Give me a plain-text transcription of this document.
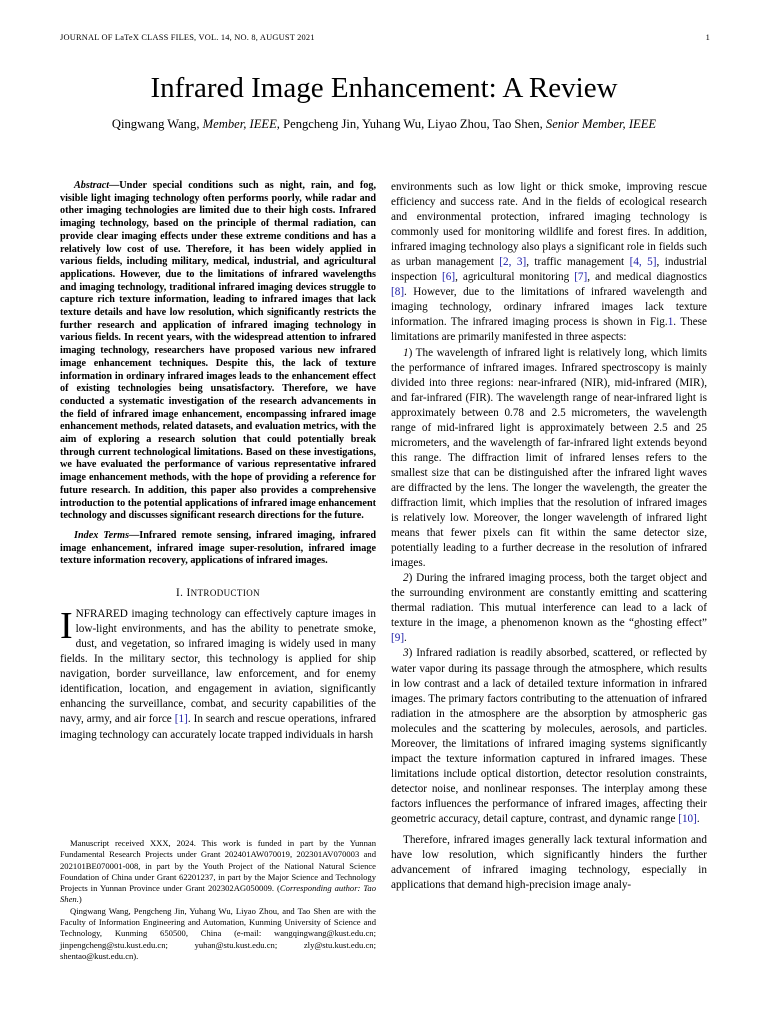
JOURNAL OF LaTeX CLASS FILES, VOL. 14, NO. 8, AUGUST 2021	1
Infrared Image Enhancement: A Review
Qingwang Wang, Member, IEEE, Pengcheng Jin, Yuhang Wu, Liyao Zhou, Tao Shen, Senior Member, IEEE

Abstract—Under special conditions such as night, rain, and fog, visible light imaging technology often performs poorly, while radar and other imaging technologies are limited due to their high costs. Infrared imaging technology, based on the principle of thermal radiation, can provide clear imaging effects under these extreme conditions and has a relatively low cost of use. Therefore, it has been widely applied in various fields, including military, medical, industrial, and agricultural applications. However, due to the limitations of infrared wavelengths and imaging technology, traditional infrared imaging devices struggle to capture rich texture information, leading to infrared images that lack texture details and have low resolution, which significantly restricts the further research and application of infrared imaging technology in various fields. In recent years, with the widespread attention to infrared imaging technology, researchers have proposed various new infrared image enhancement techniques. Despite this, the lack of texture information in ordinary infrared images leads to the enhancement effect of existing technologies being unsatisfactory. Therefore, we have conducted a systematic investigation of the research advancements in the field of infrared image enhancement, encompassing infrared image enhancement methods, related datasets, and evaluation metrics, with the aim of exploring a research solution that could potentially break through current technological limitations. Based on these investigations, we have evaluated the performance of various representative infrared image enhancement methods, with the hope of providing a reference for future research. In addition, this paper also provides a comprehensive introduction to the potential applications of infrared image enhancement technology and discusses significant research directions for the future.

Index Terms—Infrared remote sensing, infrared imaging, infrared image enhancement, infrared image super-resolution, infrared image texture information recovery, applications of infrared images.

I. INTRODUCTION

INFRARED imaging technology can effectively capture images in low-light environments, and has the ability to penetrate smoke, dust, and vegetation, so infrared imaging is widely used in many fields. In the military sector, this technology is applied for ship navigation, border surveillance, law enforcement, and for enemy identification, location, and engagement in aviation, significantly enhancing the surveillance, combat, and security capabilities of the navy, army, and air force [1]. In search and rescue operations, infrared imaging technology can accurately locate trapped individuals in harsh

Manuscript received XXX, 2024. This work is funded in part by the Yunnan Fundamental Research Projects under Grant 202401AW070019, 202301AV070003 and 202101BE070001-008, in part by the Youth Project of the National Natural Science Foundation of China under Grant 62201237, in part by the Major Science and Technology Projects in Yunnan Province under Grant 202302AG050009. (Corresponding author: Tao Shen.)

Qingwang Wang, Pengcheng Jin, Yuhang Wu, Liyao Zhou, and Tao Shen are with the Faculty of Information Engineering and Automation, Kunming University of Science and Technology, Kunming 650500, China (e-mail: wangqingwang@kust.edu.cn; jinpengcheng@stu.kust.edu.cn; yuhan@stu.kust.edu.cn; zly@stu.kust.edu.cn; shentao@kust.edu.cn).

environments such as low light or thick smoke, improving rescue efficiency and success rate. And in the fields of ecological research and environmental protection, infrared imaging technology is commonly used for monitoring wildlife and forest fires. In addition, infrared imaging technology also plays a significant role in fields such as urban management [2, 3], traffic management [4, 5], industrial inspection [6], agricultural monitoring [7], and medical diagnostics [8]. However, due to the limitations of infrared wavelength and imaging technology, ordinary infrared images lack texture information. The infrared imaging process is shown in Fig.1. These limitations are primarily manifested in three aspects:

1) The wavelength of infrared light is relatively long, which limits the performance of infrared images. Infrared spectroscopy is mainly divided into three regions: near-infrared (NIR), mid-infrared (MIR), and far-infrared (FIR). The wavelength range of near-infrared light is approximately between 0.78 and 2.5 micrometers, the wavelength range of mid-infrared light is approximately between 2.5 and 25 micrometers, and the wavelength of far-infrared light extends beyond this range. The diffraction limit of infrared lenses refers to the smallest size that can be distinguished after the infrared light waves are diffracted by the lens. The longer the wavelength, the greater the diffraction limit, which implies that the resolution of infrared images is relatively low. Moreover, the longer wavelength of infrared light means that fewer pixels can fit within the same detector size, potentially leading to a further decrease in the resolution of infrared images.

2) During the infrared imaging process, both the target object and the surrounding environment are constantly emitting and scattering thermal radiation. This mutual interference can lead to a lack of texture in the image, a phenomenon known as the “ghosting effect” [9].

3) Infrared radiation is readily absorbed, scattered, or reflected by water vapor during its passage through the atmosphere, which results in low contrast and a lack of detailed texture information in infrared images. The primary factors contributing to the attenuation of infrared radiation in the atmosphere are the absorption by atmospheric gas molecules and the scattering by molecules, aerosols, and particles. Moreover, the limitations of infrared imaging systems significantly impact the texture information captured in infrared images. These limitations include optical distortion, detector resolution constraints, detector noise, and nonlinear responses. The interplay among these factors influences the performance of infrared images, affecting their geometric accuracy, detail capture, contrast, and dynamic range [10].

Therefore, infrared images generally lack textural information and have low resolution, which significantly hinders the further advancement of infrared imaging technology, especially in applications that demand high-precision image analy-
